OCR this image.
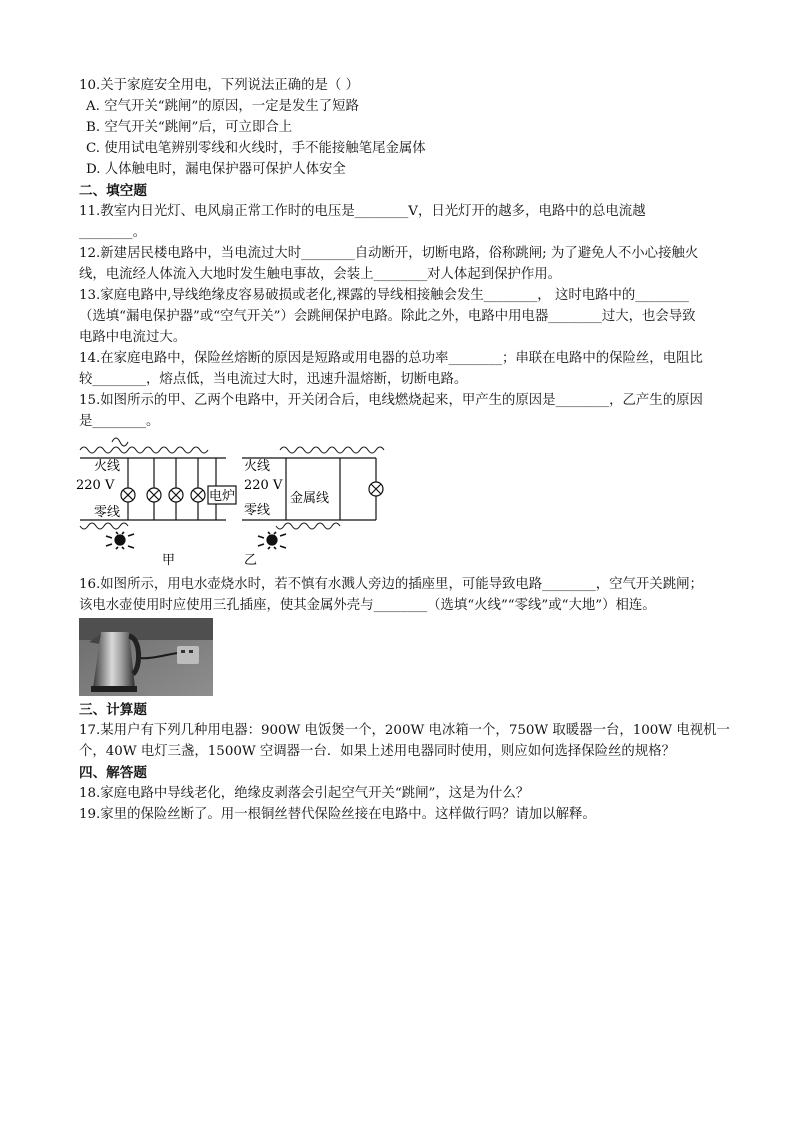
10.关于家庭安全用电，下列说法正确的是（ ）
A. 空气开关“跳闸”的原因，一定是发生了短路
B. 空气开关“跳闸”后，可立即合上
C. 使用试电笔辨别零线和火线时，手不能接触笔尾金属体
D. 人体触电时，漏电保护器可保护人体安全
二、填空题
11.教室内日光灯、电风扇正常工作时的电压是________V，日光灯开的越多，电路中的总电流越
________。
12.新建居民楼电路中，当电流过大时________自动断开，切断电路，俗称跳闸; 为了避免人不小心接触火
线，电流经人体流入大地时发生触电事故，会装上________对人体起到保护作用。
13.家庭电路中,导线绝缘皮容易破损或老化,裸露的导线相接触会发生________， 这时电路中的________
（选填“漏电保护器”或“空气开关”）会跳闸保护电路。除此之外，电路中用电器________过大，也会导致
电路中电流过大。
14.在家庭电路中，保险丝熔断的原因是短路或用电器的总功率________；串联在电路中的保险丝，电阻比
较________，熔点低，当电流过大时，迅速升温熔断，切断电路。
15.如图所示的甲、乙两个电路中，开关闭合后，电线燃烧起来，甲产生的原因是________，乙产生的原因
是________。
火线
220 V
零线
电炉
甲
火线
220 V
零线
金属线
乙
16.如图所示，用电水壶烧水时，若不慎有水溅人旁边的插座里，可能导致电路________，空气开关跳闸；
该电水壶使用时应使用三孔插座，使其金属外壳与________（选填“火线”“零线”或“大地”）相连。
三、计算题
17.某用户有下列几种用电器：900W 电饭煲一个，200W 电冰箱一个，750W 取暖器一台，100W 电视机一
个，40W 电灯三盏，1500W 空调器一台．如果上述用电器同时使用，则应如何选择保险丝的规格？
四、解答题
18.家庭电路中导线老化，绝缘皮剥落会引起空气开关“跳闸”，这是为什么？
19.家里的保险丝断了。用一根铜丝替代保险丝接在电路中。这样做行吗？请加以解释。
